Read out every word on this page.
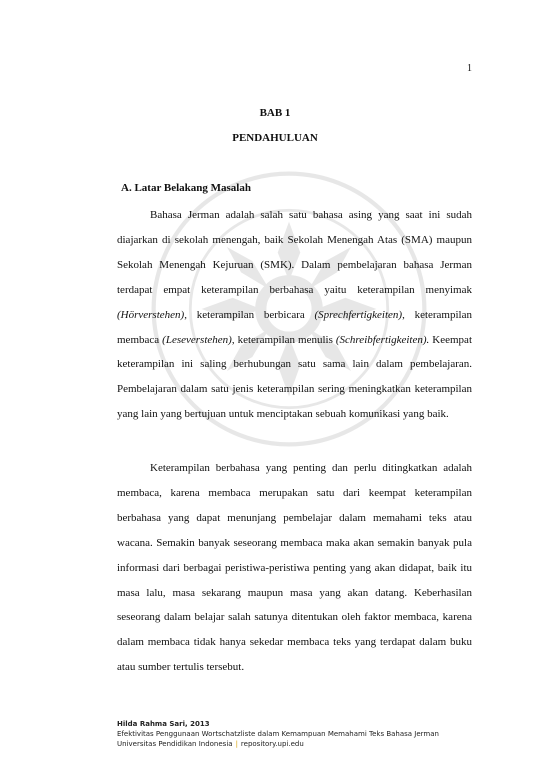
1
BAB 1
PENDAHULUAN
A. Latar Belakang Masalah

Bahasa Jerman adalah salah satu bahasa asing yang saat ini sudah diajarkan di sekolah menengah, baik Sekolah Menengah Atas (SMA) maupun Sekolah Menengah Kejuruan (SMK). Dalam pembelajaran bahasa Jerman terdapat empat keterampilan berbahasa yaitu keterampilan menyimak (Hörverstehen), keterampilan berbicara (Sprechfertigkeiten), keterampilan membaca (Leseverstehen), keterampilan menulis (Schreibfertigkeiten). Keempat keterampilan ini saling berhubungan satu sama lain dalam pembelajaran. Pembelajaran dalam satu jenis keterampilan sering meningkatkan keterampilan yang lain yang bertujuan untuk menciptakan sebuah komunikasi yang baik.

Keterampilan berbahasa yang penting dan perlu ditingkatkan adalah membaca, karena membaca merupakan satu dari keempat keterampilan berbahasa yang dapat menunjang pembelajar dalam memahami teks atau wacana. Semakin banyak seseorang membaca maka akan semakin banyak pula informasi dari berbagai peristiwa-peristiwa penting yang akan didapat, baik itu masa lalu, masa sekarang maupun masa yang akan datang. Keberhasilan seseorang dalam belajar salah satunya ditentukan oleh faktor membaca, karena dalam membaca tidak hanya sekedar membaca teks yang terdapat dalam buku atau sumber tertulis tersebut.

Hilda Rahma Sari, 2013
Efektivitas Penggunaan Wortschatzliste dalam Kemampuan Memahami Teks Bahasa Jerman
Universitas Pendidikan Indonesia | repository.upi.edu
